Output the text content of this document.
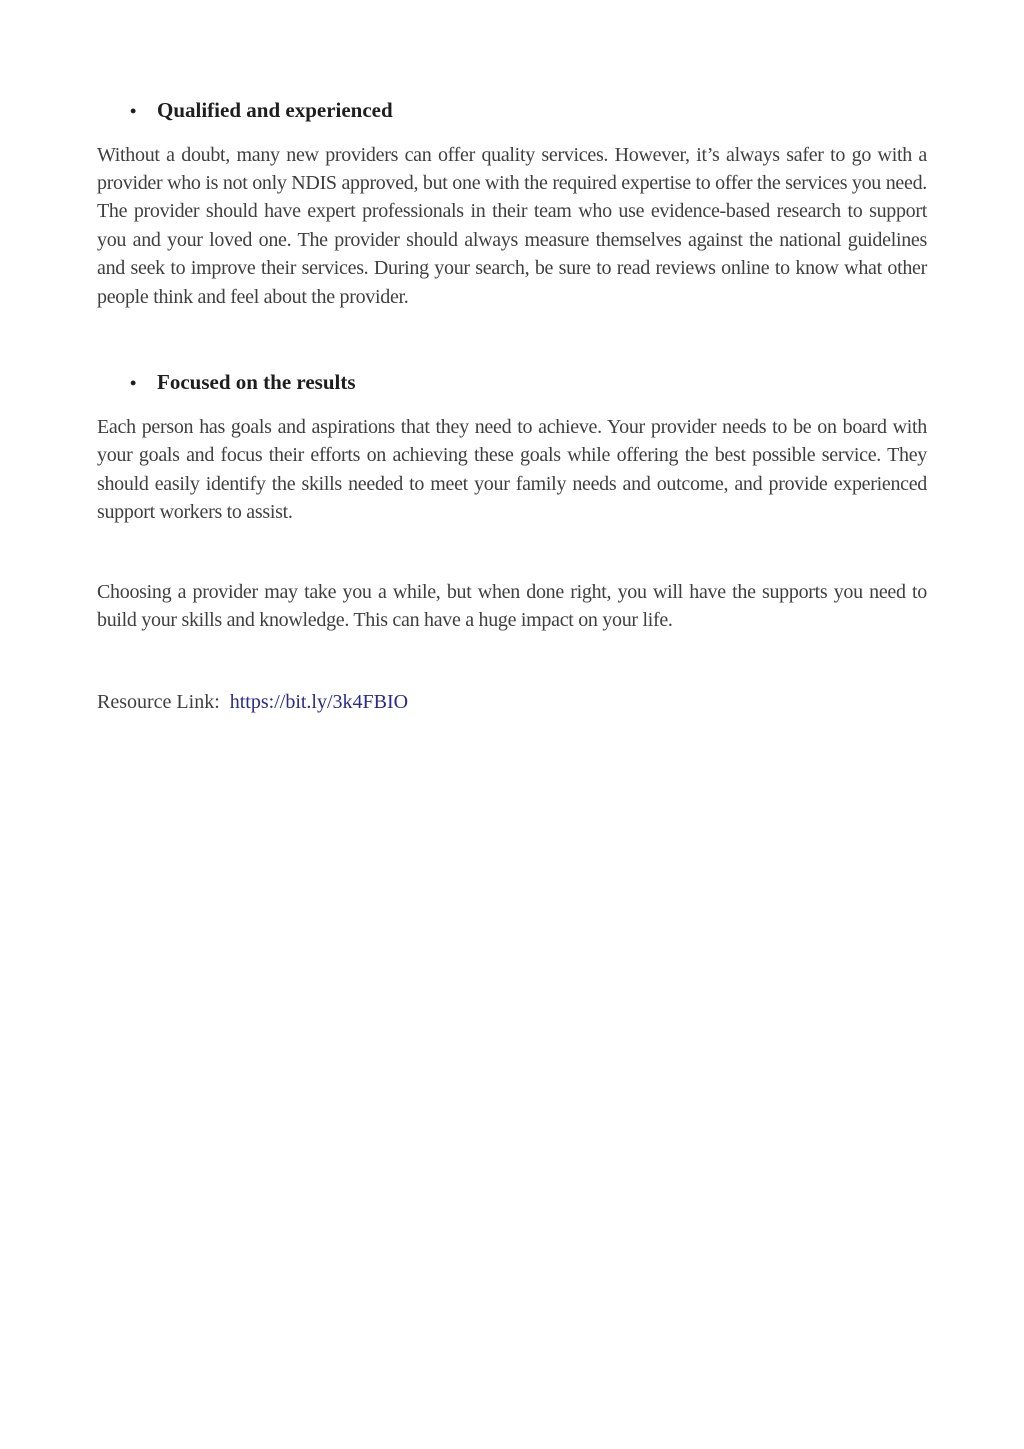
• Qualified and experienced

Without a doubt, many new providers can offer quality services. However, it’s always safer to go with a provider who is not only NDIS approved, but one with the required expertise to offer the services you need. The provider should have expert professionals in their team who use evidence-based research to support you and your loved one. The provider should always measure themselves against the national guidelines and seek to improve their services. During your search, be sure to read reviews online to know what other people think and feel about the provider.

• Focused on the results

Each person has goals and aspirations that they need to achieve. Your provider needs to be on board with your goals and focus their efforts on achieving these goals while offering the best possible service. They should easily identify the skills needed to meet your family needs and outcome, and provide experienced support workers to assist.

Choosing a provider may take you a while, but when done right, you will have the supports you need to build your skills and knowledge. This can have a huge impact on your life.

Resource Link: https://bit.ly/3k4FBIO
